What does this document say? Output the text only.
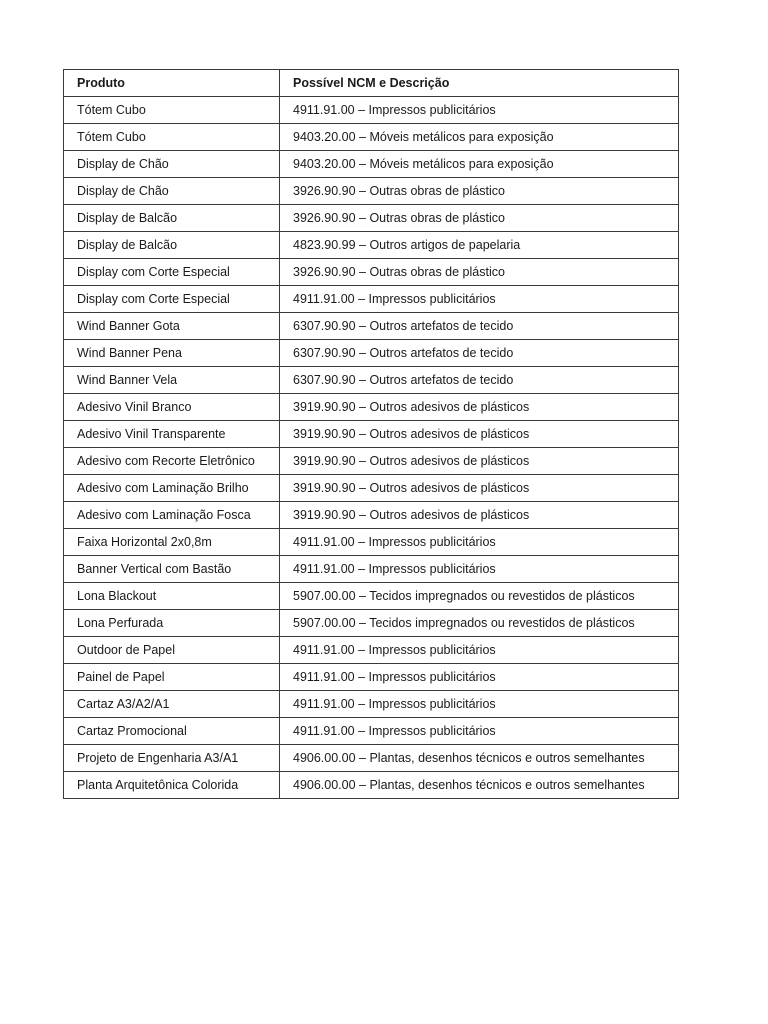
Produto	Possível NCM e Descrição
Tótem Cubo	4911.91.00 – Impressos publicitários
Tótem Cubo	9403.20.00 – Móveis metálicos para exposição
Display de Chão	9403.20.00 – Móveis metálicos para exposição
Display de Chão	3926.90.90 – Outras obras de plástico
Display de Balcão	3926.90.90 – Outras obras de plástico
Display de Balcão	4823.90.99 – Outros artigos de papelaria
Display com Corte Especial	3926.90.90 – Outras obras de plástico
Display com Corte Especial	4911.91.00 – Impressos publicitários
Wind Banner Gota	6307.90.90 – Outros artefatos de tecido
Wind Banner Pena	6307.90.90 – Outros artefatos de tecido
Wind Banner Vela	6307.90.90 – Outros artefatos de tecido
Adesivo Vinil Branco	3919.90.90 – Outros adesivos de plásticos
Adesivo Vinil Transparente	3919.90.90 – Outros adesivos de plásticos
Adesivo com Recorte Eletrônico	3919.90.90 – Outros adesivos de plásticos
Adesivo com Laminação Brilho	3919.90.90 – Outros adesivos de plásticos
Adesivo com Laminação Fosca	3919.90.90 – Outros adesivos de plásticos
Faixa Horizontal 2x0,8m	4911.91.00 – Impressos publicitários
Banner Vertical com Bastão	4911.91.00 – Impressos publicitários
Lona Blackout	5907.00.00 – Tecidos impregnados ou revestidos de plásticos
Lona Perfurada	5907.00.00 – Tecidos impregnados ou revestidos de plásticos
Outdoor de Papel	4911.91.00 – Impressos publicitários
Painel de Papel	4911.91.00 – Impressos publicitários
Cartaz A3/A2/A1	4911.91.00 – Impressos publicitários
Cartaz Promocional	4911.91.00 – Impressos publicitários
Projeto de Engenharia A3/A1	4906.00.00 – Plantas, desenhos técnicos e outros semelhantes
Planta Arquitetônica Colorida	4906.00.00 – Plantas, desenhos técnicos e outros semelhantes
